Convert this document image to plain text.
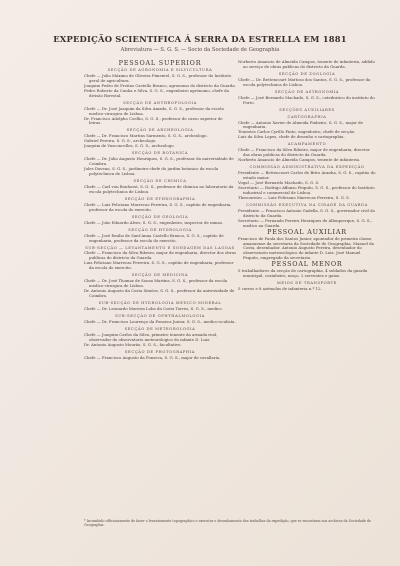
EXPEDIÇÃO SCIENTIFICA Á SERRA DA ESTRELLA EM 1881
Abreviatura — S. G. S. — Socio da Sociedade de Geographia
PESSOAL SUPERIOR
SECÇÃO DE AGRONOMIA E SILVICULTURA

Chefe — Julio Máximo de Oliveira Pimentel, S. G. S., professor do Instituto geral de agricultura.

Joaquim Pedro de Freitas Castello Branco, agronomo do districto da Guarda.

Pedro Roberto da Cunha e Silva, S. G. S., engenheiro agrónomo, chefe da divisão florestal.

SECÇÃO DE ANTHROPOLOGIA

Chefe — Dr. José Joaquim da Silva Amado, S. G. S., professor da escola medico-cirurgica de Lisboa.

Dr. Francisco Adolpho Coelho, S. G. S., professor do curso superior de letras.

SECÇÃO DE ARCHEOLOGIA

Chefe — Dr. Francisco Martins Sarmento, S. G. S., archeologo.

Gabriel Pereira, S. G. S., archeologo.

Joaquim de Vasconcellos, S. G. S., archeologo.

SECÇÃO DE BOTANICA

Chefe — Dr. Julio Augusto Henriques, S. G. S., professor da universidade de Coimbra.

Jules Daveau, S. G. S., jardineiro-chefe do jardim botanico da escola polytechnica de Lisboa.

SECÇÃO DE CHIMICA

Chefe — Carl von Bonhorst, S. G. S., professor de chimica no laboratorio da escola polytechnica de Lisboa.

SECÇÃO DE ETHNOGRAPHIA

Chefe — Luiz Feliciano Marrecas Ferreira, S. G. S., capitão de engenharia, professor da escola do exercito.

SECÇÃO DE GEOLOGIA

Chefe — João Eduardo Alves, S. G. S., engenheiro, inspector de minas.

SECÇÃO DE HYDROLOGIA

Chefe — José Emilio de Sant'Anna Castello Branco, S. G. S., capitão de engenharia, professor da escola do exercito.

SUB-SECÇÃO — LEVANTAMENTO E SONDAGEM DAS LAGOAS

Chefe — Francisco da Silva Ribeiro, major de engenharia, director dos obras publicas do districto da Guarda.

Luiz Feliciano Marrecas Ferreira, S. G. S., capitão de engenharia, professor da escola do exercito.

SECÇÃO DE MEDICINA

Chefe — Dr. José Thomaz de Sousa Martins, S. G. S., professor da escola medico-cirurgica de Lisboa.

Dr. Antonio Augusto da Costa Simões, S. G. S., professor da universidade de Coimbra.

SUB-SECÇÃO DE HYDROLOGIA MEDICO-MINERAL

Chefe — Dr. Leonardo Moreira Lobo da Costa Torres, S. G. S., medico.

SUB-SECÇÃO DE OPHTHALMOLOGIA

Chefe — Dr. Francisco Lourenço da Fonseca Junior, S. G. S., medico-oculista.

SECÇÃO DE METEOROLOGIA

Chefe — Joaquim Carlos da Silva, primeiro tenente da armada real, observador do observatorio meteorologico do infante D. Luiz.

Dr. Antonio Augusto Mourão, S. G. S., facultativo.

SECÇÃO DE PHOTOGRAPHIA

Chefe — Francisco Augusto da Fonseca, S. G. S., major de cavallaria.

Norberto Amancio de Almeida Campos, tenente de infanteria, addido ao serviço de obras publicas do districto da Guarda.

SECÇÃO DE ZOOLOGIA

Chefe — Dr. Bettencourt Mattoso dos Santos, S. G. S., professor da escola polytechnica de Lisboa.

SECÇÃO DE ASTRONOMIA

Chefe — José Bernardo Machado, S. G. S., catedratico do instituto do Porto.

SECÇÕES AUXILIARES
CARTOGRAPHIA

Chefe — Antonio Xavier de Almeida Pinheiro, S. G. S., major de engenharia.

Tenentes Carlos Cyrillo Pinto, engenheiro, chefe de secção.

Luiz da Silva Lopes, chefe de desenho e cartographia.

ACAMPAMENTO

Chefe — Francisco da Silva Ribeiro, major de engenharia, director das obras publicas do districto da Guarda.

Norberto Amancio de Almeida Campos, tenente de infanteria.

COMMISSÃO ADMINISTRATIVA DA EXPEDIÇÃO

Presidente — Bettencourt Carlos de Brito Aranha, S. G. S., capitão do estado maior.

Vogal — José Bernardo Machado, S. G. S.

Secretario — Rodrigo Affonso Pequito, S. G. S., professor do Instituto industrial e commercial de Lisboa.

Thesoureiro — Luiz Feliciano Marrecas Ferreira, S. G. S.

COMMISSÃO EXECUTIVA NA CIDADE DA GUARDA

Presidente — Francisco Antonio Gadella, S. G. S., governador civil do districto da Guarda.

Secretario — Fernando Pereira Henriques de Albuquerque, S. G. S., medico na Guarda.

PESSOAL AUXILIAR

Francisco de Paula dos Santos Junior, apontador de primeira classe, amanuense da secretaria da Sociedade de Geographia. Manuel da Costa, desenhador. Antonio Augusto Pereira, desenhador do observatorio meteorologico do infante D. Luiz. José Manuel Pequito, empregado da secretaria.

PESSOAL MENOR

5 trabalhadores da secção de cartographia, 4 soldados da guarda municipal, cozinheiro, moço, 2 serventes e guias.

MEIOS DE TRANSPORTE

5 carros e 8 azémolas de infanteria n.º 12.

* Incumbido officiosamente de fazer o levantamento topographico e executar o desenhamento dos trabalhos da expedição, que se encontram nos archivos da Sociedade de Geographia.
